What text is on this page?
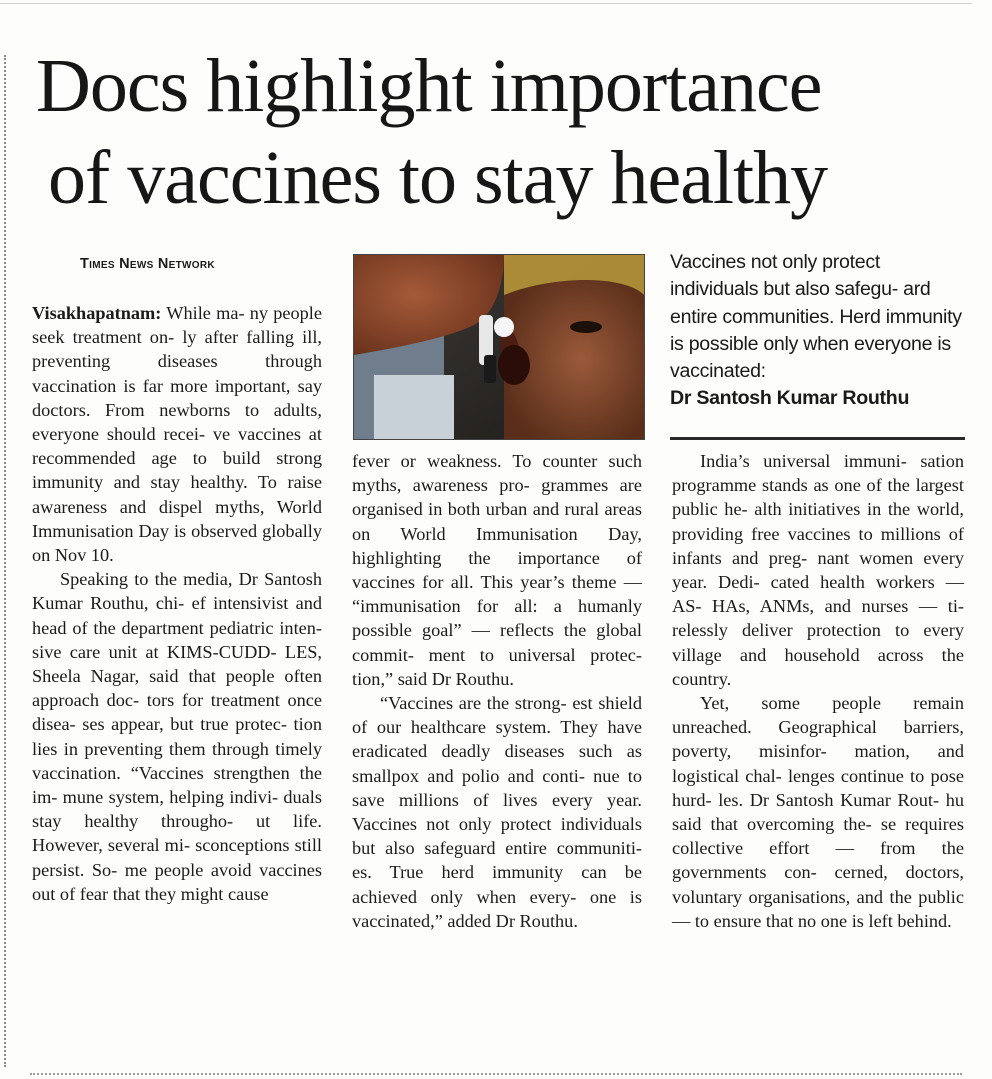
Docs highlight importance
of vaccines to stay healthy
Times News Network

Visakhapatnam: While ma- ny people seek treatment on- ly after falling ill, preventing diseases through vaccination is far more important, say doctors. From newborns to adults, everyone should recei- ve vaccines at recommended age to build strong immunity and stay healthy. To raise awareness and dispel myths, World Immunisation Day is observed globally on Nov 10.

Speaking to the media, Dr Santosh Kumar Routhu, chi- ef intensivist and head of the department pediatric inten- sive care unit at KIMS-CUDD- LES, Sheela Nagar, said that people often approach doc- tors for treatment once disea- ses appear, but true protec- tion lies in preventing them through timely vaccination. “Vaccines strengthen the im- mune system, helping indivi- duals stay healthy througho- ut life. However, several mi- sconceptions still persist. So- me people avoid vaccines out of fear that they might cause

Vaccines not only protect individuals but also safegu- ard entire communities. Herd immunity is possible only when everyone is vaccinated:
Dr Santosh Kumar Routhu

fever or weakness. To counter such myths, awareness pro- grammes are organised in both urban and rural areas on World Immunisation Day, highlighting the importance of vaccines for all. This year’s theme — “immunisation for all: a humanly possible goal” — reflects the global commit- ment to universal protec- tion,” said Dr Routhu.

“Vaccines are the strong- est shield of our healthcare system. They have eradicated deadly diseases such as smallpox and polio and conti- nue to save millions of lives every year. Vaccines not only protect individuals but also safeguard entire communiti- es. True herd immunity can be achieved only when every- one is vaccinated,” added Dr Routhu.

India’s universal immuni- sation programme stands as one of the largest public he- alth initiatives in the world, providing free vaccines to millions of infants and preg- nant women every year. Dedi- cated health workers — AS- HAs, ANMs, and nurses — ti- relessly deliver protection to every village and household across the country.

Yet, some people remain unreached. Geographical barriers, poverty, misinfor- mation, and logistical chal- lenges continue to pose hurd- les. Dr Santosh Kumar Rout- hu said that overcoming the- se requires collective effort — from the governments con- cerned, doctors, voluntary organisations, and the public — to ensure that no one is left behind.
